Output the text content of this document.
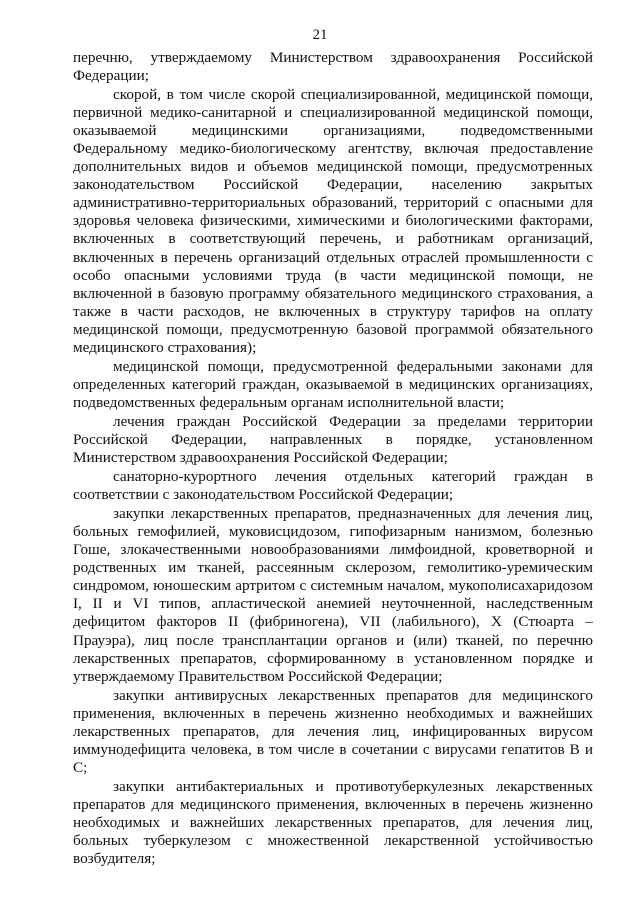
21

перечню, утверждаемому Министерством здравоохранения Российской Федерации;

скорой, в том числе скорой специализированной, медицинской помощи, первичной медико-санитарной и специализированной медицинской помощи, оказываемой медицинскими организациями, подведомственными Федеральному медико-биологическому агентству, включая предоставление дополнительных видов и объемов медицинской помощи, предусмотренных законодательством Российской Федерации, населению закрытых административно-территориальных образований, территорий с опасными для здоровья человека физическими, химическими и биологическими факторами, включенных в соответствующий перечень, и работникам организаций, включенных в перечень организаций отдельных отраслей промышленности с особо опасными условиями труда (в части медицинской помощи, не включенной в базовую программу обязательного медицинского страхования, а также в части расходов, не включенных в структуру тарифов на оплату медицинской помощи, предусмотренную базовой программой обязательного медицинского страхования);

медицинской помощи, предусмотренной федеральными законами для определенных категорий граждан, оказываемой в медицинских организациях, подведомственных федеральным органам исполнительной власти;

лечения граждан Российской Федерации за пределами территории Российской Федерации, направленных в порядке, установленном Министерством здравоохранения Российской Федерации;

санаторно-курортного лечения отдельных категорий граждан в соответствии с законодательством Российской Федерации;

закупки лекарственных препаратов, предназначенных для лечения лиц, больных гемофилией, муковисцидозом, гипофизарным нанизмом, болезнью Гоше, злокачественными новообразованиями лимфоидной, кроветворной и родственных им тканей, рассеянным склерозом, гемолитико-уремическим синдромом, юношеским артритом с системным началом, мукополисахаридозом I, II и VI типов, апластической анемией неуточненной, наследственным дефицитом факторов II (фибриногена), VII (лабильного), X (Стюарта – Прауэра), лиц после трансплантации органов и (или) тканей, по перечню лекарственных препаратов, сформированному в установленном порядке и утверждаемому Правительством Российской Федерации;

закупки антивирусных лекарственных препаратов для медицинского применения, включенных в перечень жизненно необходимых и важнейших лекарственных препаратов, для лечения лиц, инфицированных вирусом иммунодефицита человека, в том числе в сочетании с вирусами гепатитов B и C;

закупки антибактериальных и противотуберкулезных лекарственных препаратов для медицинского применения, включенных в перечень жизненно необходимых и важнейших лекарственных препаратов, для лечения лиц, больных туберкулезом с множественной лекарственной устойчивостью возбудителя;
